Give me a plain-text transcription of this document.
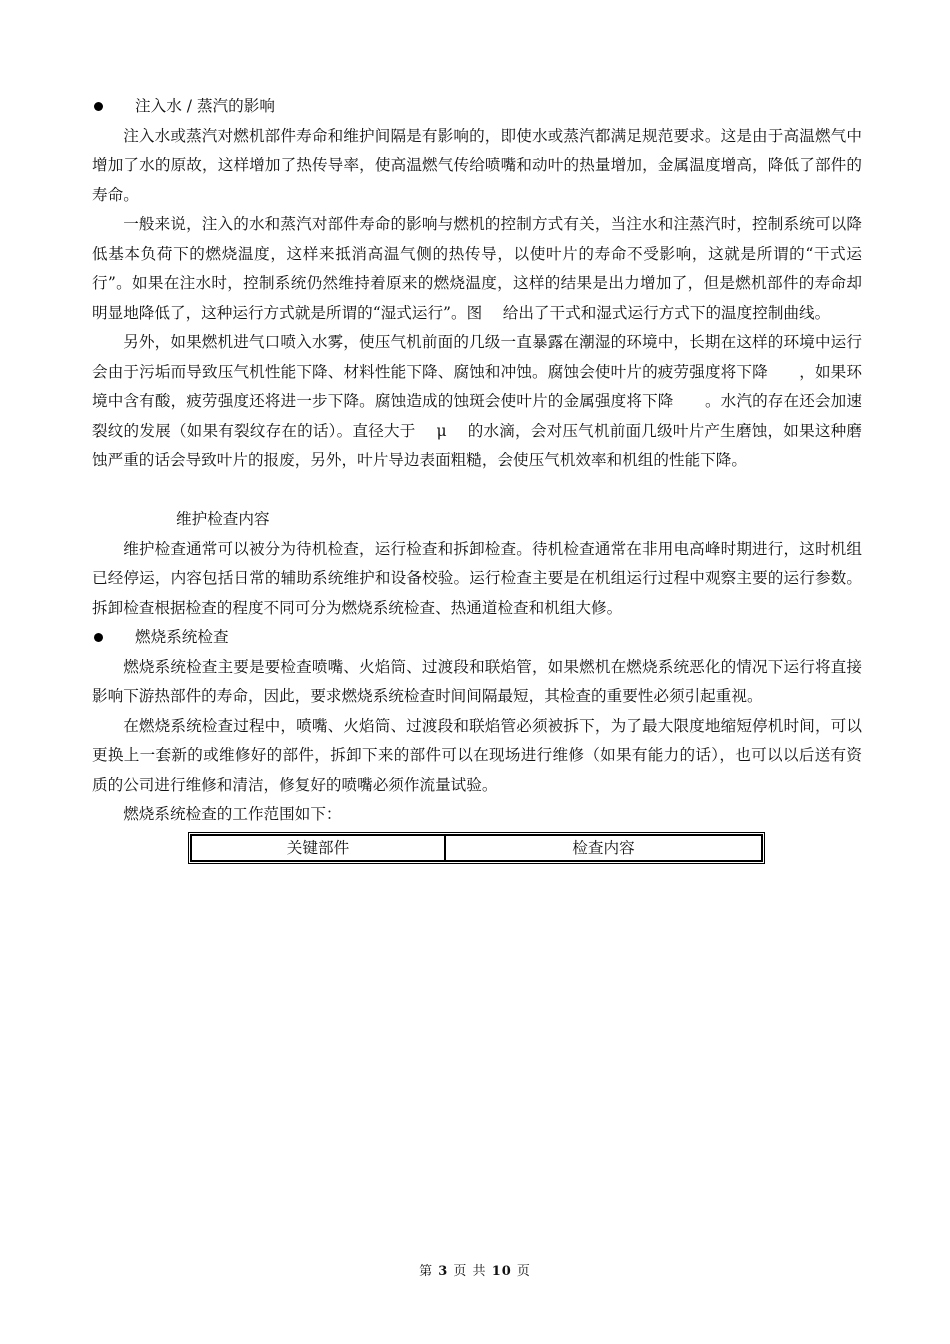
注入水 / 蒸汽的影响

注入水或蒸汽对燃机部件寿命和维护间隔是有影响的，即使水或蒸汽都满足规范要求。这是由于高温燃气中增加了水的原故，这样增加了热传导率，使高温燃气传给喷嘴和动叶的热量增加，金属温度增高，降低了部件的寿命。

一般来说，注入的水和蒸汽对部件寿命的影响与燃机的控制方式有关，当注水和注蒸汽时，控制系统可以降低基本负荷下的燃烧温度，这样来抵消高温气侧的热传导，以使叶片的寿命不受影响，这就是所谓的“干式运行”。如果在注水时，控制系统仍然维持着原来的燃烧温度，这样的结果是出力增加了，但是燃机部件的寿命却明显地降低了，这种运行方式就是所谓的“湿式运行”。图　 给出了干式和湿式运行方式下的温度控制曲线。

另外，如果燃机进气口喷入水雾，使压气机前面的几级一直暴露在潮湿的环境中，长期在这样的环境中运行会由于污垢而导致压气机性能下降、材料性能下降、腐蚀和冲蚀。腐蚀会使叶片的疲劳强度将下降　　，如果环境中含有酸，疲劳强度还将进一步下降。腐蚀造成的蚀斑会使叶片的金属强度将下降　　。水汽的存在还会加速裂纹的发展（如果有裂纹存在的话）。直径大于　 μ　 的水滴，会对压气机前面几级叶片产生磨蚀，如果这种磨蚀严重的话会导致叶片的报废，另外，叶片导边表面粗糙，会使压气机效率和机组的性能下降。

维护检查内容

维护检查通常可以被分为待机检查，运行检查和拆卸检查。待机检查通常在非用电高峰时期进行，这时机组已经停运，内容包括日常的辅助系统维护和设备校验。运行检查主要是在机组运行过程中观察主要的运行参数。拆卸检查根据检查的程度不同可分为燃烧系统检查、热通道检查和机组大修。

燃烧系统检查

燃烧系统检查主要是要检查喷嘴、火焰筒、过渡段和联焰管，如果燃机在燃烧系统恶化的情况下运行将直接影响下游热部件的寿命，因此，要求燃烧系统检查时间间隔最短，其检查的重要性必须引起重视。

在燃烧系统检查过程中，喷嘴、火焰筒、过渡段和联焰管必须被拆下，为了最大限度地缩短停机时间，可以更换上一套新的或维修好的部件，拆卸下来的部件可以在现场进行维修（如果有能力的话），也可以以后送有资质的公司进行维修和清洁，修复好的喷嘴必须作流量试验。

燃烧系统检查的工作范围如下：

关键部件	检查内容
第 3 页 共 10 页
